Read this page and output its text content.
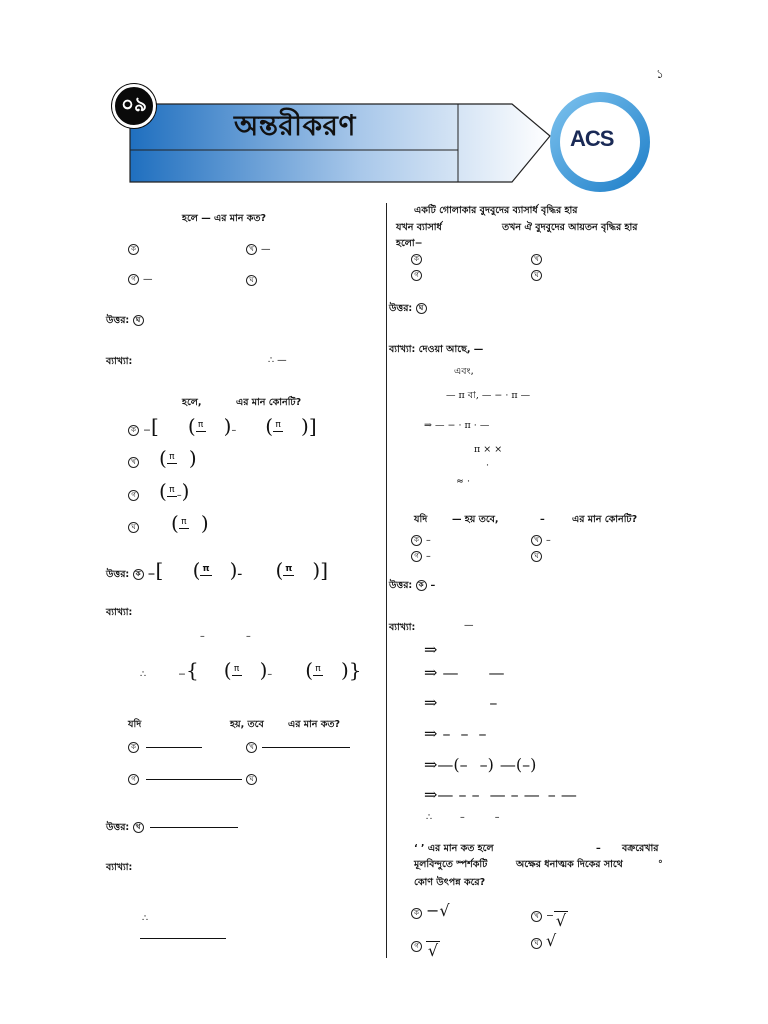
১
০৯
অন্তরীকরণ	ACS
হলে — এর মান কত?
ক	খ —
গ —	ঘ
উত্তর: ঘ
ব্যাখ্যা:	∴ —
হলে,	এর মান কোনটি?
ক −[ ( π )– ( π )]
খ ( π )
গ ( π
–)
ঘ ( π )
উত্তর: ক −[ ( π )– ( π )]
ব্যাখ্যা:
–	–
∴	−{ ( π )– ( π )}
যদি	হয়, তবে	এর মান কত?
ক	খ
গ	ঘ
উত্তর: খ
ব্যাখ্যা:
∴
একটি গোলাকার বুদবুদের ব্যাসার্ধ বৃদ্ধির হার
যখন ব্যাসার্ধ	তখন ঐ বুদবুদের আয়তন বৃদ্ধির হার
হলো−
ক	খ
গ	ঘ
উত্তর: ঘ
ব্যাখ্যা: দেওয়া আছে, —
এবং,
— π বা, — − · π —
⇒ — − · π · —
π × ×
·
≈ ·
যদি	— হয় তবে,	–	এর মান কোনটি?
ক –	খ –
গ –	ঘ
উত্তর: ক –
ব্যাখ্যা:	—
⇒
⇒ — —
⇒	–
⇒ – – –
⇒—(– –) —(–)
⇒— – – — – — – —
∴	–	–
‘ ’ এর মান কত হলে	– বক্ররেখার
মূলবিন্দুতে স্পর্শকটি	অক্ষের ধনাত্মক দিকের সাথে	°
কোণ উৎপন্ন করে?
ক −√	খ − √
গ √	ঘ √
